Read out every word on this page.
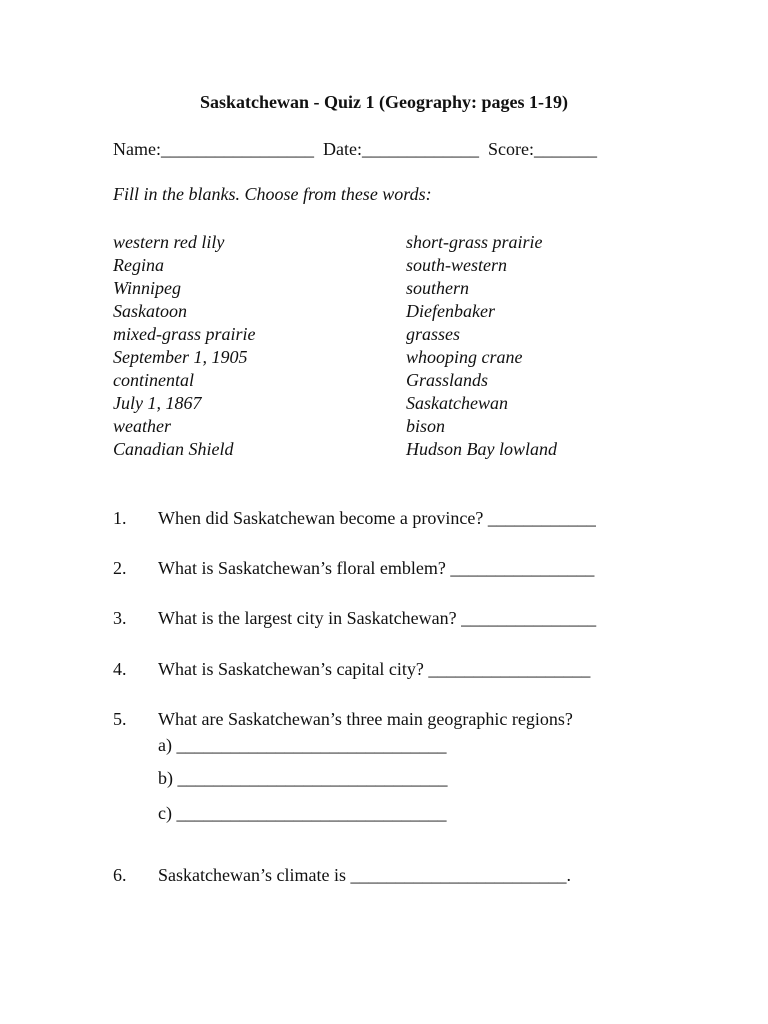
Saskatchewan - Quiz 1 (Geography: pages 1-19)
Name:_________________  Date:_____________  Score:_______
Fill in the blanks. Choose from these words:
western red lily
Regina
Winnipeg
Saskatoon
mixed-grass prairie
September 1, 1905
continental
July 1, 1867
weather
Canadian Shield
short-grass prairie
south-western
southern
Diefenbaker
grasses
whooping crane
Grasslands
Saskatchewan
bison
Hudson Bay lowland
1. When did Saskatchewan become a province? ____________
2. What is Saskatchewan’s floral emblem? ________________
3. What is the largest city in Saskatchewan? _______________
4. What is Saskatchewan’s capital city? __________________
5. What are Saskatchewan’s three main geographic regions?
a) ______________________________
b) ______________________________
c) ______________________________
6. Saskatchewan’s climate is ________________________.
